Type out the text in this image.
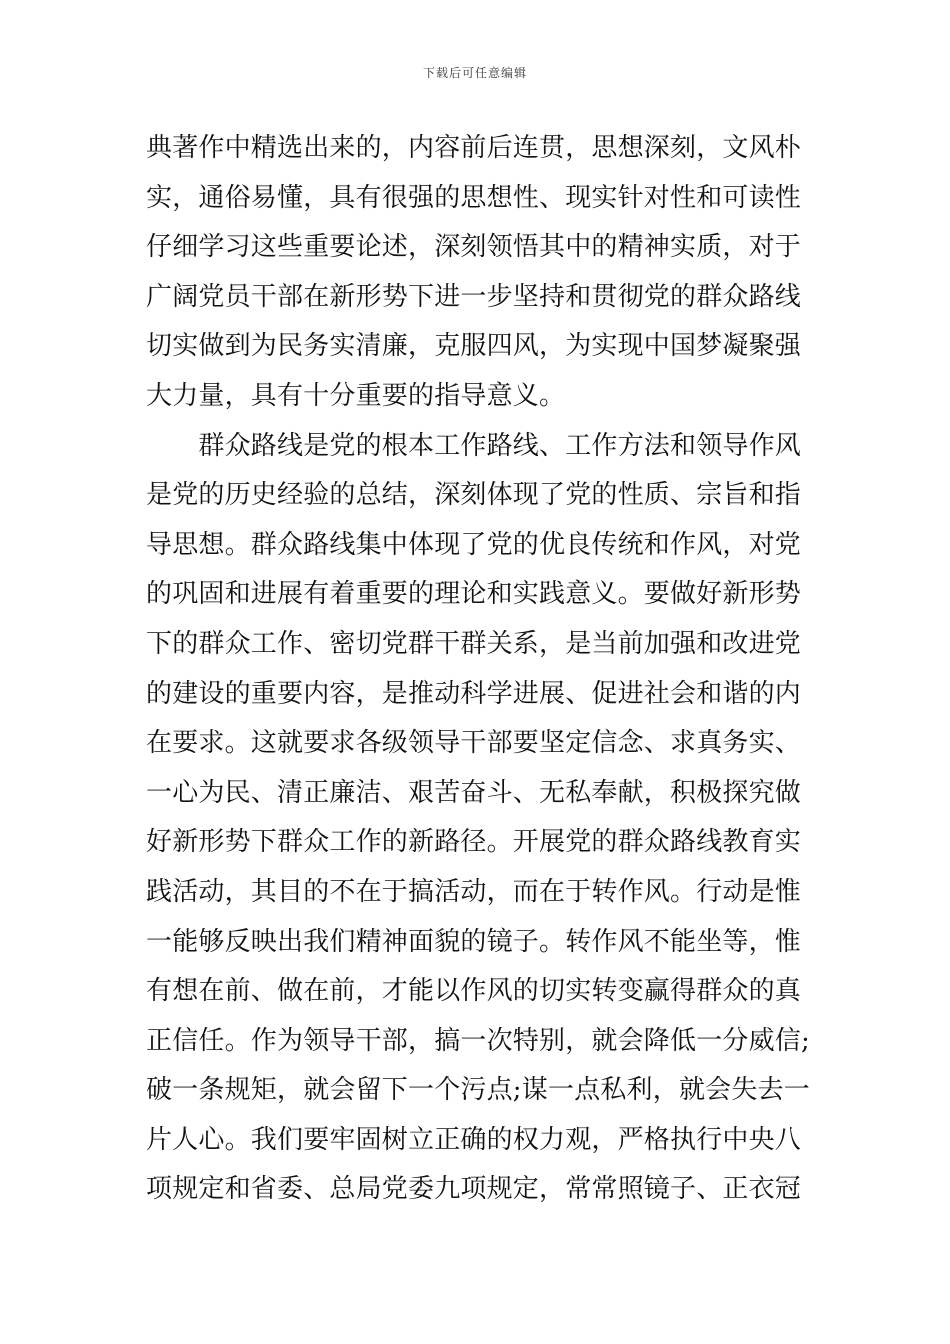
下载后可任意编辑
典著作中精选出来的，内容前后连贯，思想深刻，文风朴
实，通俗易懂，具有很强的思想性、现实针对性和可读性
仔细学习这些重要论述，深刻领悟其中的精神实质，对于
广阔党员干部在新形势下进一步坚持和贯彻党的群众路线
切实做到为民务实清廉，克服四风，为实现中国梦凝聚强
大力量，具有十分重要的指导意义。
　　群众路线是党的根本工作路线、工作方法和领导作风
是党的历史经验的总结，深刻体现了党的性质、宗旨和指
导思想。群众路线集中体现了党的优良传统和作风，对党
的巩固和进展有着重要的理论和实践意义。要做好新形势
下的群众工作、密切党群干群关系，是当前加强和改进党
的建设的重要内容，是推动科学进展、促进社会和谐的内
在要求。这就要求各级领导干部要坚定信念、求真务实、
一心为民、清正廉洁、艰苦奋斗、无私奉献，积极探究做
好新形势下群众工作的新路径。开展党的群众路线教育实
践活动，其目的不在于搞活动，而在于转作风。行动是惟
一能够反映出我们精神面貌的镜子。转作风不能坐等，惟
有想在前、做在前，才能以作风的切实转变赢得群众的真
正信任。作为领导干部，搞一次特别，就会降低一分威信;
破一条规矩，就会留下一个污点;谋一点私利，就会失去一
片人心。我们要牢固树立正确的权力观，严格执行中央八
项规定和省委、总局党委九项规定，常常照镜子、正衣冠
